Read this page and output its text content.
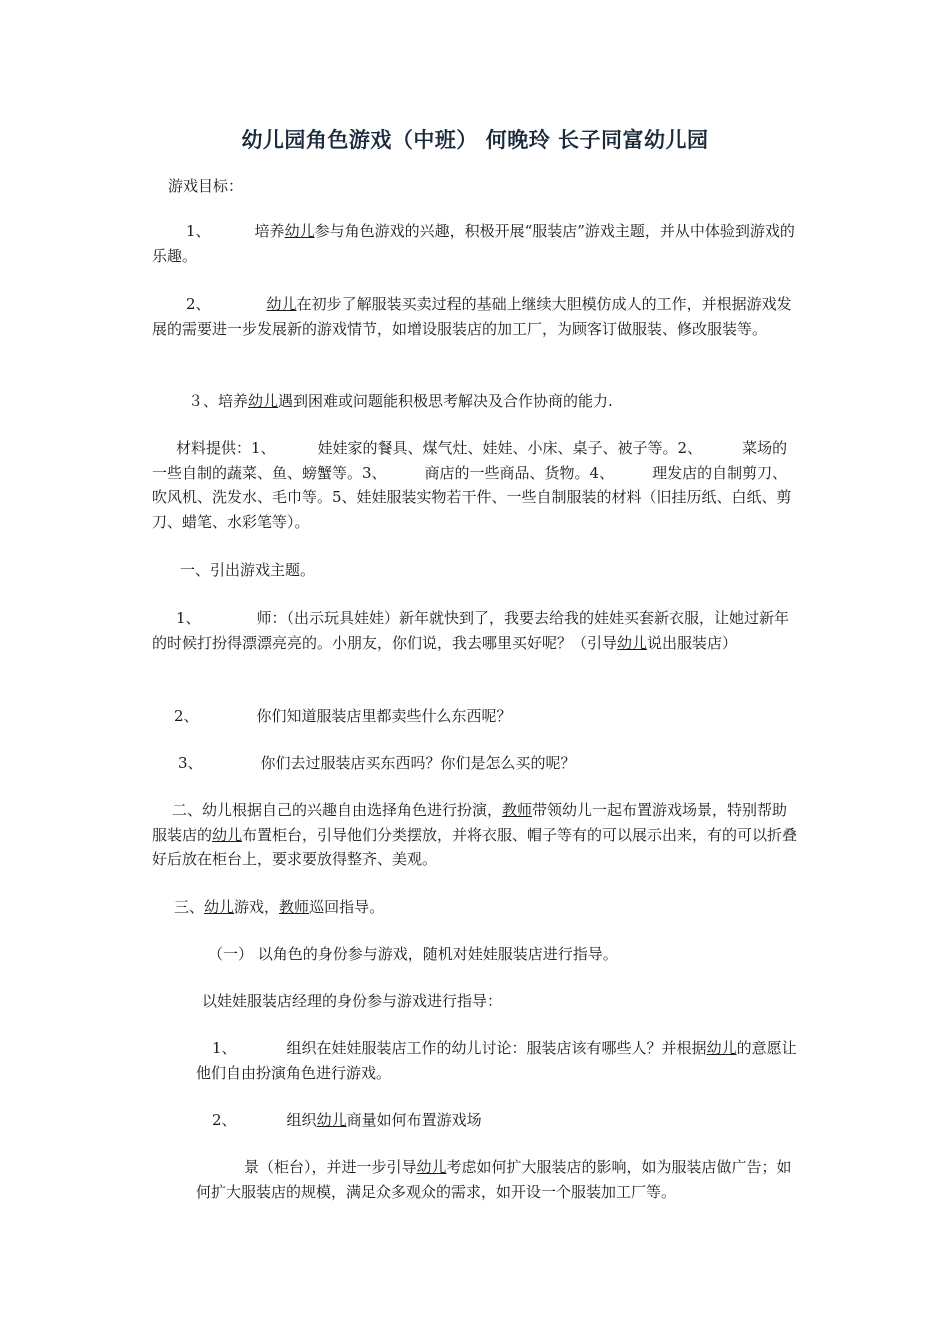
幼儿园角色游戏（中班） 何晚玲 长子同富幼儿园
游戏目标：
1、	培养幼儿参与角色游戏的兴趣，积极开展“服装店”游戏主题，并从中体验到游戏的乐趣。
2、	幼儿在初步了解服装买卖过程的基础上继续大胆模仿成人的工作，并根据游戏发展的需要进一步发展新的游戏情节，如增设服装店的加工厂，为顾客订做服装、修改服装等。
３、培养幼儿遇到困难或问题能积极思考解决及合作协商的能力.
材料提供：1、	娃娃家的餐具、煤气灶、娃娃、小床、桌子、被子等。2、	菜场的一些自制的蔬菜、鱼、螃蟹等。3、	商店的一些商品、货物。4、	理发店的自制剪刀、吹风机、洗发水、毛巾等。5、娃娃服装实物若干件、一些自制服装的材料（旧挂历纸、白纸、剪刀、蜡笔、水彩笔等）。
一、引出游戏主题。
1、	师：（出示玩具娃娃）新年就快到了，我要去给我的娃娃买套新衣服，让她过新年的时候打扮得漂漂亮亮的。小朋友，你们说，我去哪里买好呢？（引导幼儿说出服装店）
2、	你们知道服装店里都卖些什么东西呢？
3、	你们去过服装店买东西吗？你们是怎么买的呢？
二、幼儿根据自己的兴趣自由选择角色进行扮演，教师带领幼儿一起布置游戏场景，特别帮助服装店的幼儿布置柜台，引导他们分类摆放，并将衣服、帽子等有的可以展示出来，有的可以折叠好后放在柜台上，要求要放得整齐、美观。
三、幼儿游戏，教师巡回指导。
（一） 以角色的身份参与游戏，随机对娃娃服装店进行指导。
以娃娃服装店经理的身份参与游戏进行指导：
1、	组织在娃娃服装店工作的幼儿讨论：服装店该有哪些人？并根据幼儿的意愿让他们自由扮演角色进行游戏。
2、	组织幼儿商量如何布置游戏场
景（柜台），并进一步引导幼儿考虑如何扩大服装店的影响，如为服装店做广告；如何扩大服装店的规模，满足众多观众的需求，如开设一个服装加工厂等。
